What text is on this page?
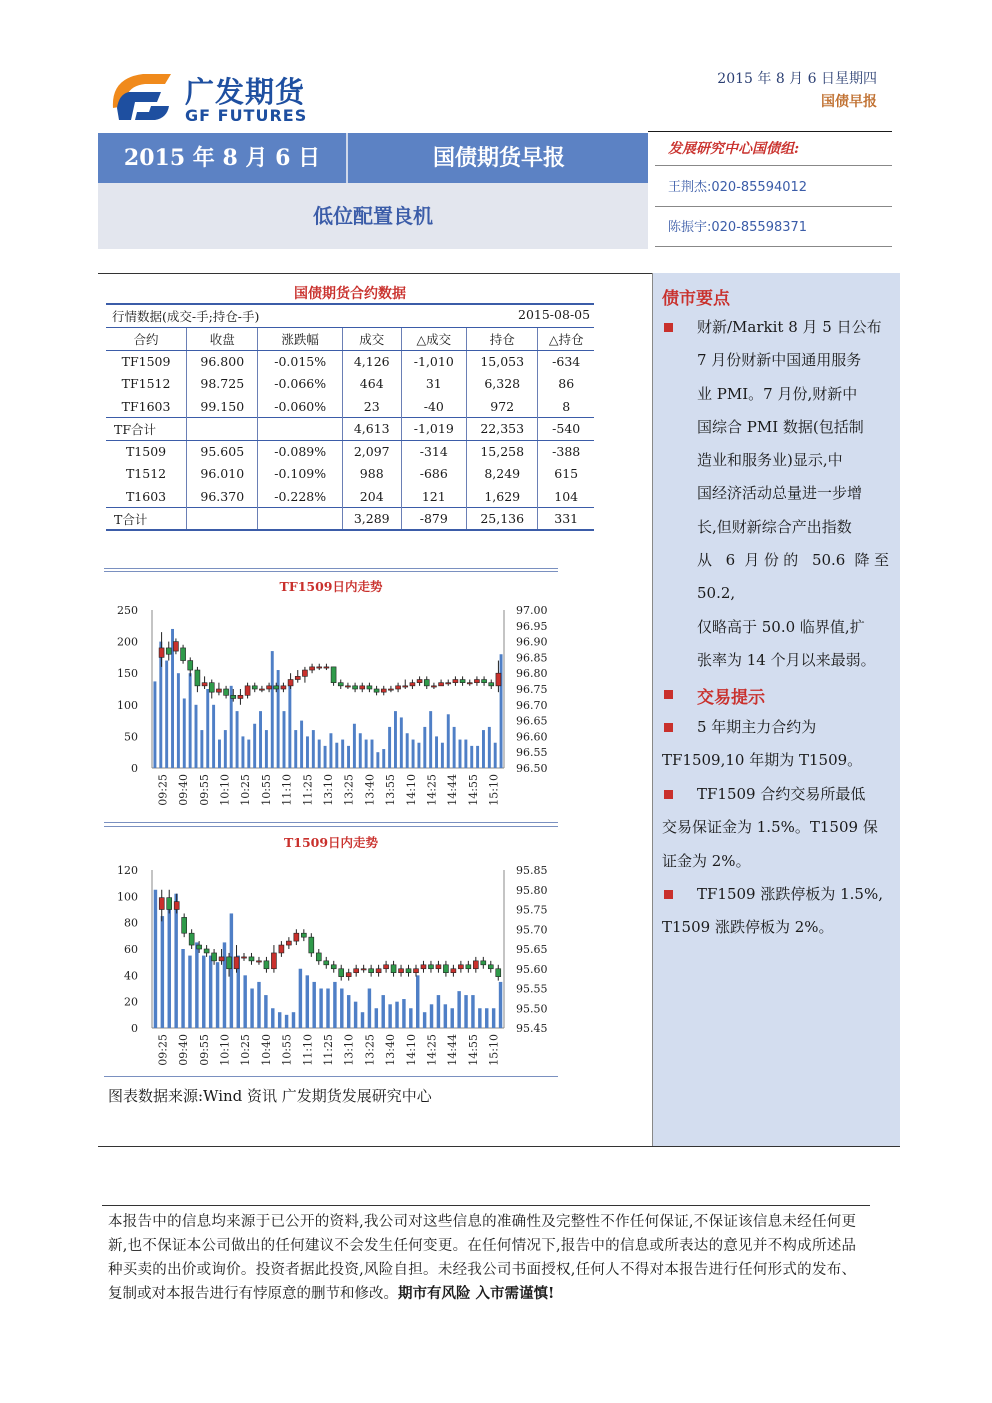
广发期货
GF FUTURES
2015 年 8 月 6 日星期四
国债早报
2015 年 8 月 6 日	国债期货早报
低位配置良机
发展研究中心国债组:
王荆杰:020-85594012
陈振宇:020-85598371
国债期货合约数据
行情数据(成交-手;持仓-手)	2015-08-05
合约	收盘	涨跌幅	成交	△成交	持仓	△持仓
TF1509	96.800	-0.015%	4,126	-1,010	15,053	-634
TF1512	98.725	-0.066%	464	31	6,328	86
TF1603	99.150	-0.060%	23	-40	972	8
TF合计			4,613	-1,019	22,353	-540
T1509	95.605	-0.089%	2,097	-314	15,258	-388
T1512	96.010	-0.109%	988	-686	8,249	615
T1603	96.370	-0.228%	204	121	1,629	104
T合计			3,289	-879	25,136	331
TF1509日内走势
0
50
100
150
200
250
96.50
96.55
96.60
96.65
96.70
96.75
96.80
96.85
96.90
96.95
97.00
09:25 09:40 09:55 10:10 10:25 10:55 11:10 11:25 13:10 13:25 13:40 13:55 14:10 14:25 14:44 14:55 15:10
T1509日内走势
0
20
40
60
80
100
120
95.45
95.50
95.55
95.60
95.65
95.70
95.75
95.80
95.85
09:25 09:40 09:55 10:10 10:25 10:40 10:55 11:10 11:25 13:10 13:25 13:40 14:10 14:25 14:44 14:55 15:10
图表数据来源:Wind 资讯 广发期货发展研究中心
债市要点
财新/Markit 8 月 5 日公布
7 月份财新中国通用服务
业 PMI。7 月份,财新中
国综合 PMI 数据(包括制
造业和服务业)显示,中
国经济活动总量进一步增
长,但财新综合产出指数
从 6 月份的 50.6 降至 50.2,
仅略高于 50.0 临界值,扩
张率为 14 个月以来最弱。
交易提示
5 年期主力合约为
TF1509,10 年期为 T1509。
TF1509 合约交易所最低
交易保证金为 1.5%。T1509 保
证金为 2%。
TF1509 涨跌停板为 1.5%,
T1509 涨跌停板为 2%。
本报告中的信息均来源于已公开的资料,我公司对这些信息的准确性及完整性不作任何保证,不保证该信息未经任何更新,也不保证本公司做出的任何建议不会发生任何变更。在任何情况下,报告中的信息或所表达的意见并不构成所述品种买卖的出价或询价。投资者据此投资,风险自担。未经我公司书面授权,任何人不得对本报告进行任何形式的发布、复制或对本报告进行有悖原意的删节和修改。期市有风险 入市需谨慎!
